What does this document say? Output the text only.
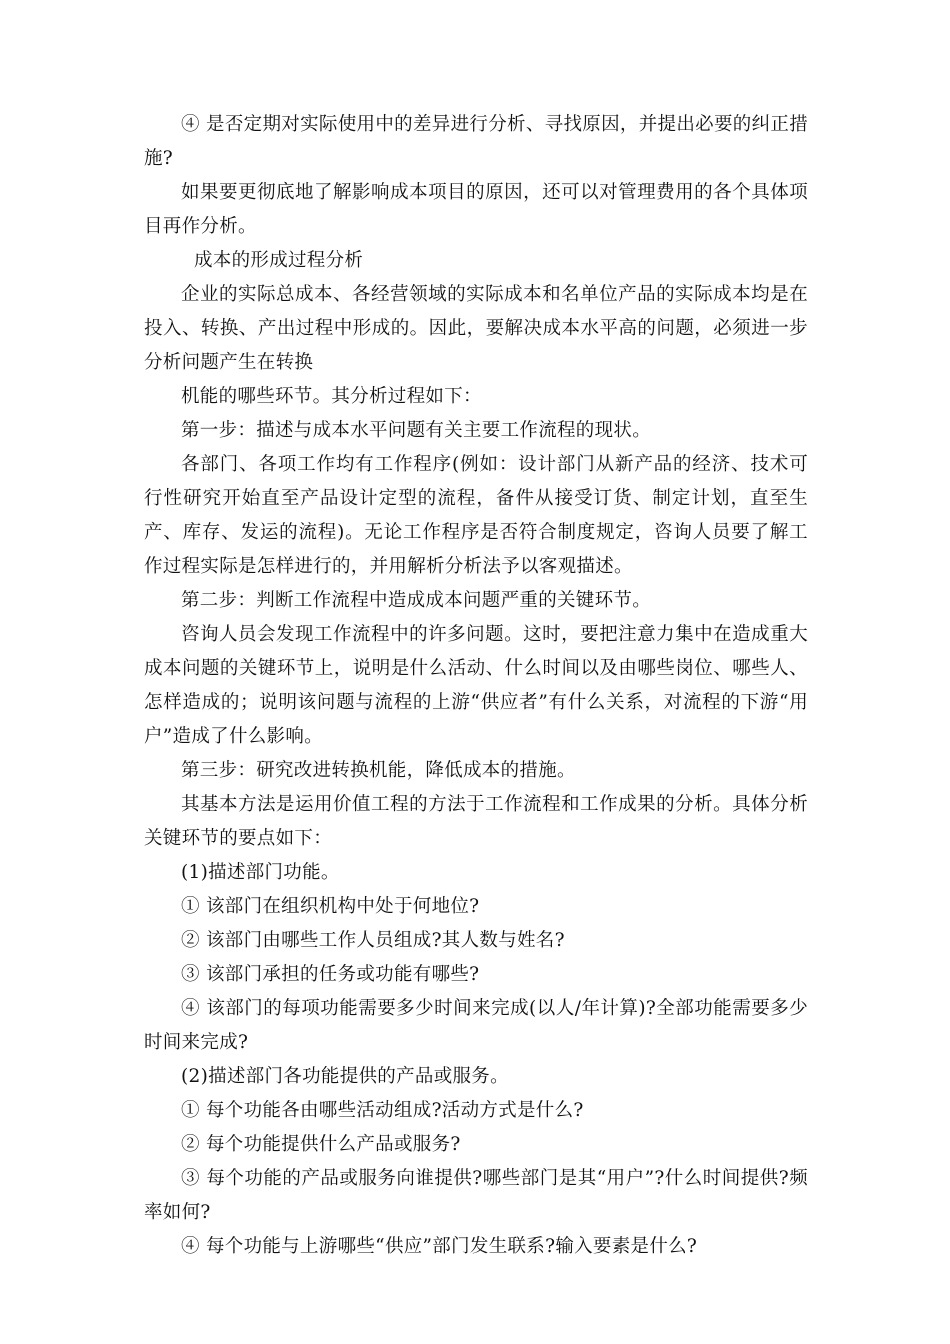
④ 是否定期对实际使用中的差异进行分析、寻找原因，并提出必要的纠正措施?

如果要更彻底地了解影响成本项目的原因，还可以对管理费用的各个具体项目再作分析。

成本的形成过程分析

企业的实际总成本、各经营领域的实际成本和名单位产品的实际成本均是在投入、转换、产出过程中形成的。因此，要解决成本水平高的问题，必须进一步分析问题产生在转换

机能的哪些环节。其分析过程如下：

第一步：描述与成本水平问题有关主要工作流程的现状。

各部门、各项工作均有工作程序(例如：设计部门从新产品的经济、技术可行性研究开始直至产品设计定型的流程，备件从接受订货、制定计划，直至生产、库存、发运的流程)。无论工作程序是否符合制度规定，咨询人员要了解工作过程实际是怎样进行的，并用解析分析法予以客观描述。

第二步：判断工作流程中造成成本问题严重的关键环节。

咨询人员会发现工作流程中的许多问题。这时，要把注意力集中在造成重大成本问题的关键环节上，说明是什么活动、什么时间以及由哪些岗位、哪些人、怎样造成的；说明该问题与流程的上游“供应者”有什么关系，对流程的下游“用户”造成了什么影响。

第三步：研究改进转换机能，降低成本的措施。

其基本方法是运用价值工程的方法于工作流程和工作成果的分析。具体分析关键环节的要点如下：

(1)描述部门功能。

① 该部门在组织机构中处于何地位?

② 该部门由哪些工作人员组成?其人数与姓名?

③ 该部门承担的任务或功能有哪些?

④ 该部门的每项功能需要多少时间来完成(以人/年计算)?全部功能需要多少时间来完成?

(2)描述部门各功能提供的产品或服务。

① 每个功能各由哪些活动组成?活动方式是什么?

② 每个功能提供什么产品或服务?

③ 每个功能的产品或服务向谁提供?哪些部门是其“用户”?什么时间提供?频率如何?

④ 每个功能与上游哪些“供应”部门发生联系?输入要素是什么?
